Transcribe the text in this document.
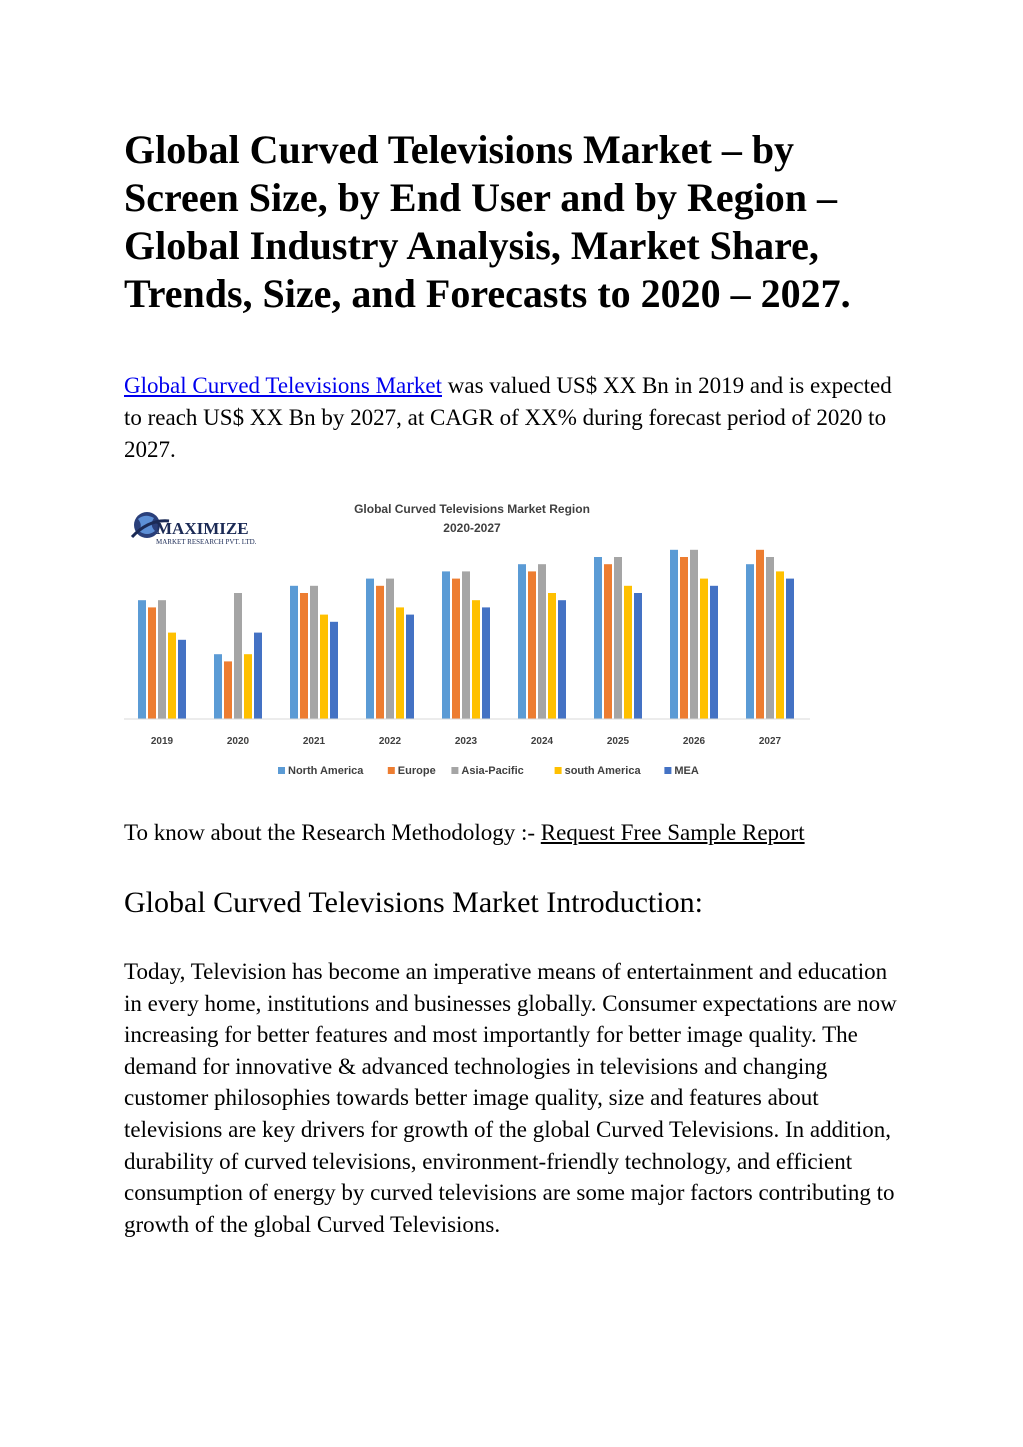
Global Curved Televisions Market – by Screen Size, by End User and by Region – Global Industry Analysis, Market Share, Trends, Size, and Forecasts to 2020 – 2027.

Global Curved Televisions Market was valued US$ XX Bn in 2019 and is expected to reach US$ XX Bn by 2027, at CAGR of XX% during forecast period of 2020 to 2027.

MAXIMIZE
MARKET RESEARCH PVT. LTD.
Global Curved Televisions Market Region
2020-2027
2019	2020	2021	2022	2023	2024	2025	2026	2027
North America	Europe Asia-Pacific	south America	MEA

To know about the Research Methodology :- Request Free Sample Report

Global Curved Televisions Market Introduction:

Today, Television has become an imperative means of entertainment and education in every home, institutions and businesses globally. Consumer expectations are now increasing for better features and most importantly for better image quality. The demand for innovative & advanced technologies in televisions and changing customer philosophies towards better image quality, size and features about televisions are key drivers for growth of the global Curved Televisions. In addition, durability of curved televisions, environment-friendly technology, and efficient consumption of energy by curved televisions are some major factors contributing to growth of the global Curved Televisions.
